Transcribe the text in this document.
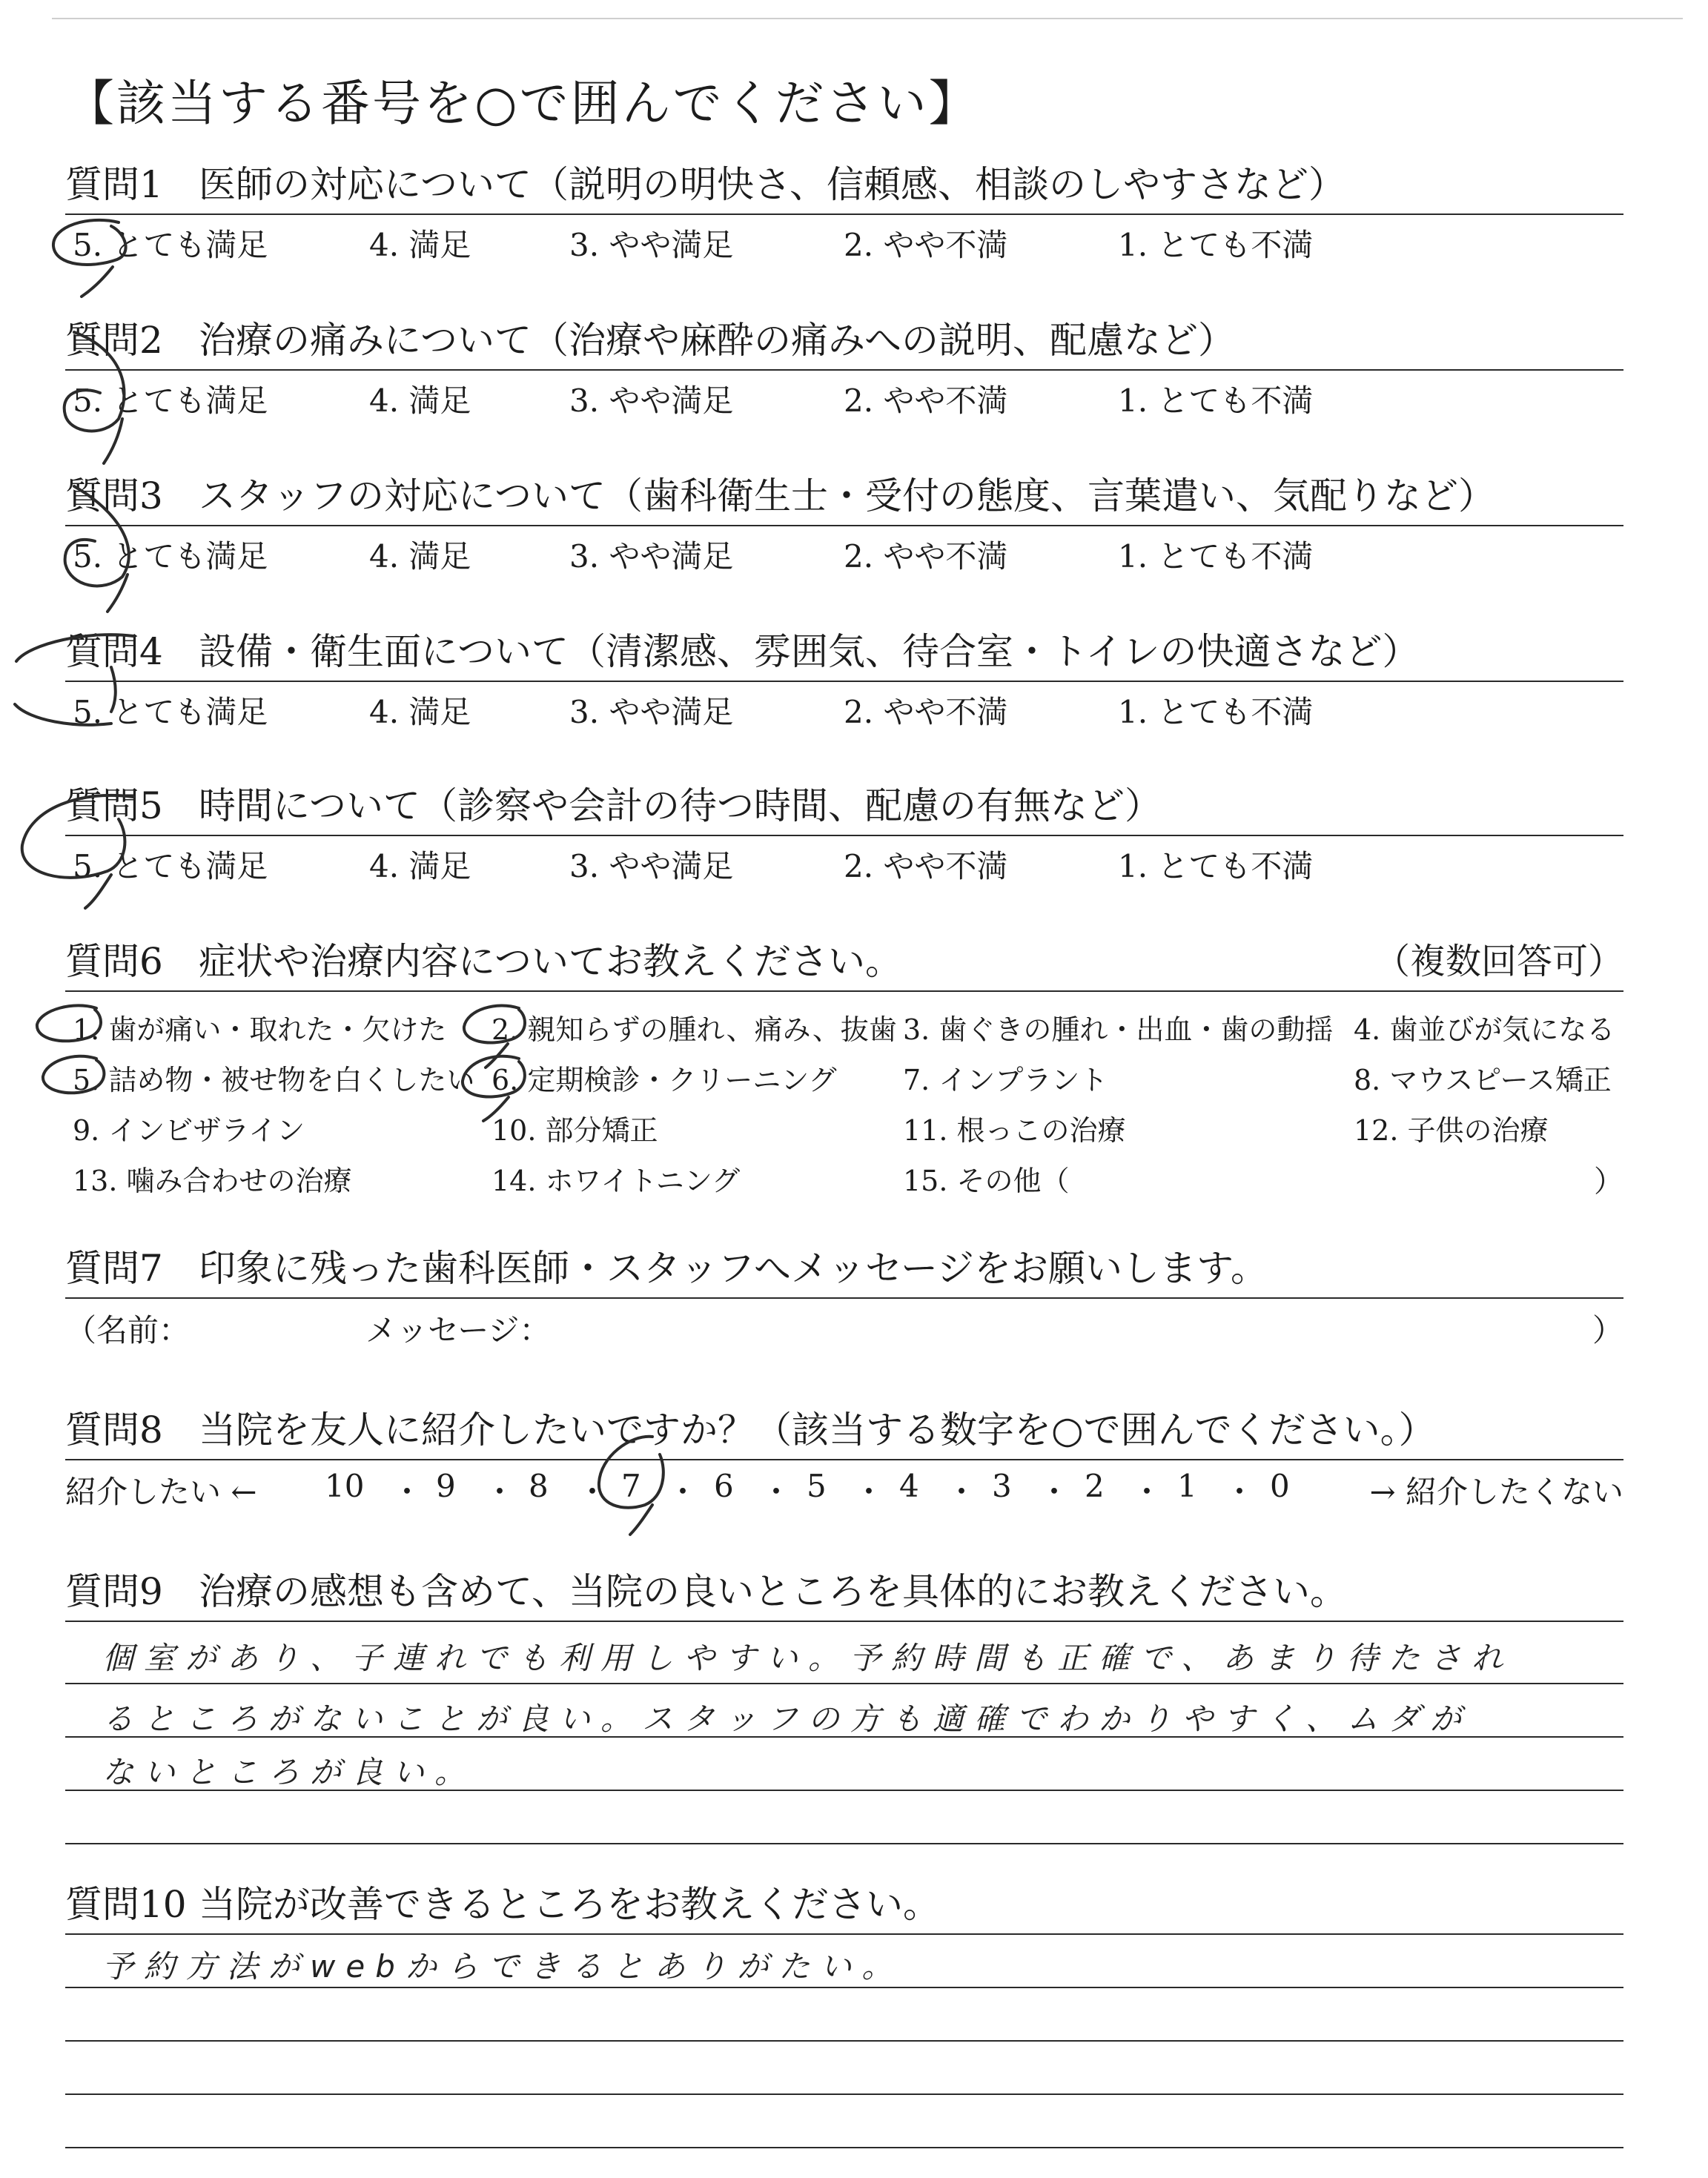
【該当する番号を○で囲んでください】
質問1 医師の対応について（説明の明快さ、信頼感、相談のしやすさなど）
5. とても満足	4. 満足	3. やや満足	2. やや不満	1. とても不満
質問2 治療の痛みについて（治療や麻酔の痛みへの説明、配慮など）
5. とても満足	4. 満足	3. やや満足	2. やや不満	1. とても不満
質問3 スタッフの対応について（歯科衛生士・受付の態度、言葉遣い、気配りなど）
5. とても満足	4. 満足	3. やや満足	2. やや不満	1. とても不満
質問4 設備・衛生面について（清潔感、雰囲気、待合室・トイレの快適さなど）
5. とても満足	4. 満足	3. やや満足	2. やや不満	1. とても不満
質問5 時間について（診察や会計の待つ時間、配慮の有無など）
5. とても満足	4. 満足	3. やや満足	2. やや不満	1. とても不満
質問6 症状や治療内容についてお教えください。	（複数回答可）
1. 歯が痛い・取れた・欠けた 2. 親知らずの腫れ、痛み、抜歯 3. 歯ぐきの腫れ・出血・歯の動揺 4. 歯並びが気になる
5. 詰め物・被せ物を白くしたい 6. 定期検診・クリーニング 7. インプラント	8. マウスピース矯正
9. インビザライン	10. 部分矯正	11. 根っこの治療	12. 子供の治療
13. 噛み合わせの治療	14. ホワイトニング	15. その他（	）
質問7 印象に残った歯科医師・スタッフへメッセージをお願いします。
（名前：	メッセージ：	）
質問8 当院を友人に紹介したいですか？（該当する数字を○で囲んでください。）
紹介したい ← 10 ・ 9 ・ 8 ・ 7 ・ 6 ・ 5 ・ 4 ・ 3 ・ 2 ・ 1 ・ 0	→ 紹介したくない
質問9 治療の感想も含めて、当院の良いところを具体的にお教えください。
個室があり、子連れでも利用しやすい。予約時間も正確で、あまり待たされ
るところがないことが良い。スタッフの方も適確でわかりやすく、ムダが
ないところが良い。
質問10 当院が改善できるところをお教えください。
予約方法がwebからできるとありがたい。
